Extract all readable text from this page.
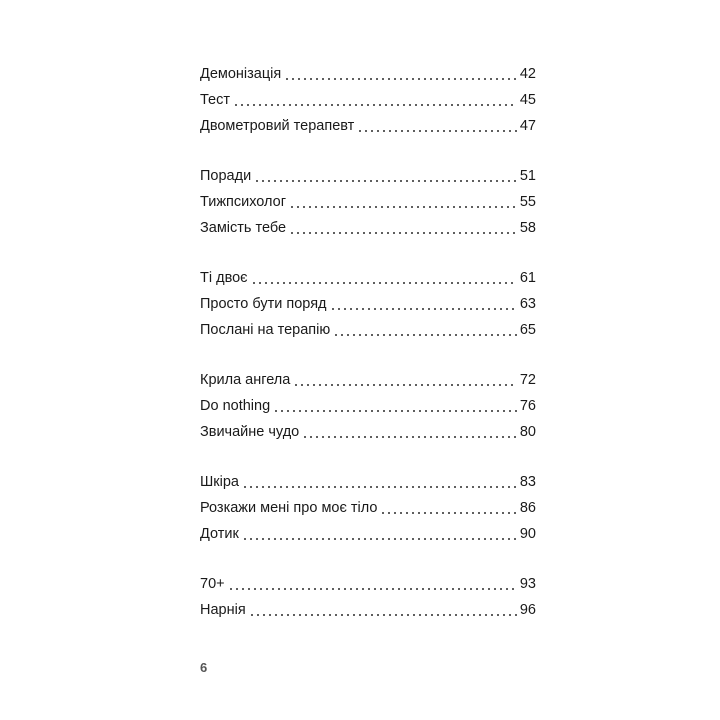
Демонізація	42
Тест	45
Двометровий терапевт	47
Поради	51
Тижпсихолог	55
Замість тебе	58
Ті двоє	61
Просто бути поряд	63
Послані на терапію	65
Крила ангела	72
Do nothing	76
Звичайне чудо	80
Шкіра	83
Розкажи мені про моє тіло	86
Дотик	90
70+	93
Нарнія	96
6
